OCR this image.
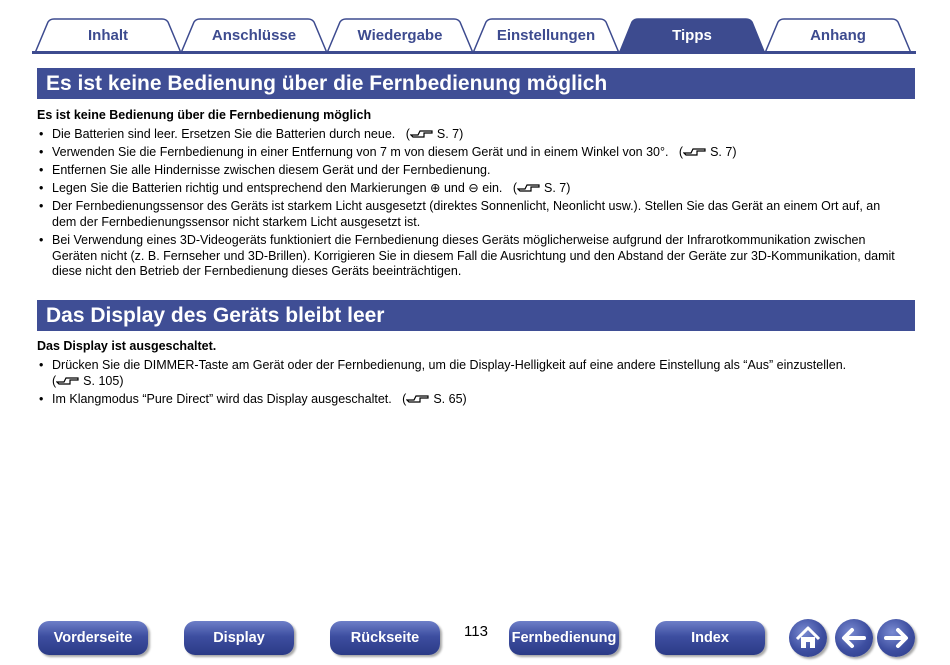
Inhalt	Anschlüsse	Wiedergabe	Einstellungen	Tipps	Anhang
Es ist keine Bedienung über die Fernbedienung möglich
Es ist keine Bedienung über die Fernbedienung möglich
• Die Batterien sind leer. Ersetzen Sie die Batterien durch neue.   ( S. 7)
• Verwenden Sie die Fernbedienung in einer Entfernung von 7 m von diesem Gerät und in einem Winkel von 30°.   ( S. 7)
• Entfernen Sie alle Hindernisse zwischen diesem Gerät und der Fernbedienung.
• Legen Sie die Batterien richtig und entsprechend den Markierungen ⊕ und ⊖ ein.   ( S. 7)
• Der Fernbedienungssensor des Geräts ist starkem Licht ausgesetzt (direktes Sonnenlicht, Neonlicht usw.). Stellen Sie das Gerät an einem Ort auf, an dem der Fernbedienungssensor nicht starkem Licht ausgesetzt ist.
• Bei Verwendung eines 3D-Videogeräts funktioniert die Fernbedienung dieses Geräts möglicherweise aufgrund der Infrarotkommunikation zwischen Geräten nicht (z. B. Fernseher und 3D-Brillen). Korrigieren Sie in diesem Fall die Ausrichtung und den Abstand der Geräte zur 3D-Kommunikation, damit diese nicht den Betrieb der Fernbedienung dieses Geräts beeinträchtigen.
Das Display des Geräts bleibt leer
Das Display ist ausgeschaltet.
• Drücken Sie die DIMMER-Taste am Gerät oder der Fernbedienung, um die Display-Helligkeit auf eine andere Einstellung als “Aus” einzustellen.
( S. 105)
• Im Klangmodus “Pure Direct” wird das Display ausgeschaltet.   ( S. 65)
Vorderseite	Display	Rückseite	113	Fernbedienung	Index
